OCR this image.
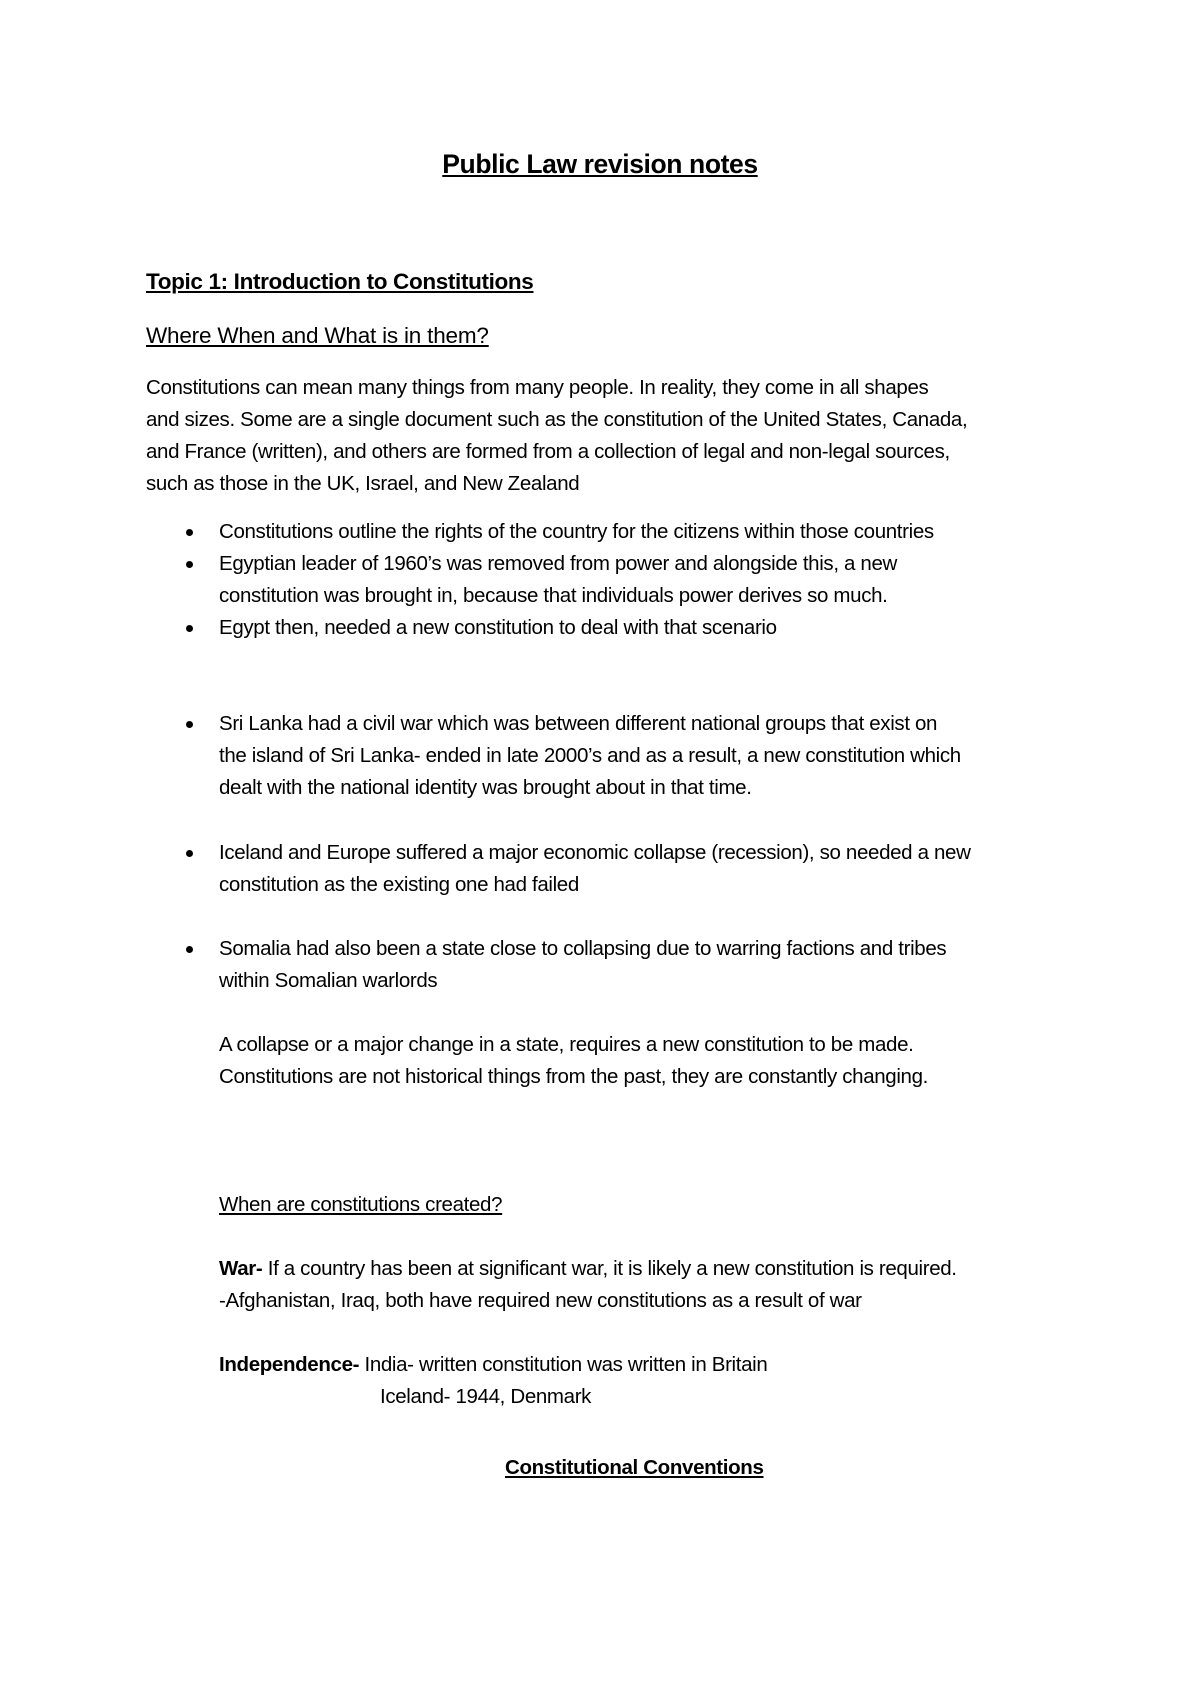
Public Law revision notes
Topic 1: Introduction to Constitutions
Where When and What is in them?
Constitutions can mean many things from many people. In reality, they come in all shapes
and sizes. Some are a single document such as the constitution of the United States, Canada,
and France (written), and others are formed from a collection of legal and non-legal sources,
such as those in the UK, Israel, and New Zealand
Constitutions outline the rights of the country for the citizens within those countries
Egyptian leader of 1960’s was removed from power and alongside this, a new
constitution was brought in, because that individuals power derives so much.
Egypt then, needed a new constitution to deal with that scenario
Sri Lanka had a civil war which was between different national groups that exist on
the island of Sri Lanka- ended in late 2000’s and as a result, a new constitution which
dealt with the national identity was brought about in that time.
Iceland and Europe suffered a major economic collapse (recession), so needed a new
constitution as the existing one had failed
Somalia had also been a state close to collapsing due to warring factions and tribes
within Somalian warlords
A collapse or a major change in a state, requires a new constitution to be made.
Constitutions are not historical things from the past, they are constantly changing.
When are constitutions created?
War- If a country has been at significant war, it is likely a new constitution is required.
-Afghanistan, Iraq, both have required new constitutions as a result of war
Independence- India- written constitution was written in Britain
Iceland- 1944, Denmark
Constitutional Conventions
